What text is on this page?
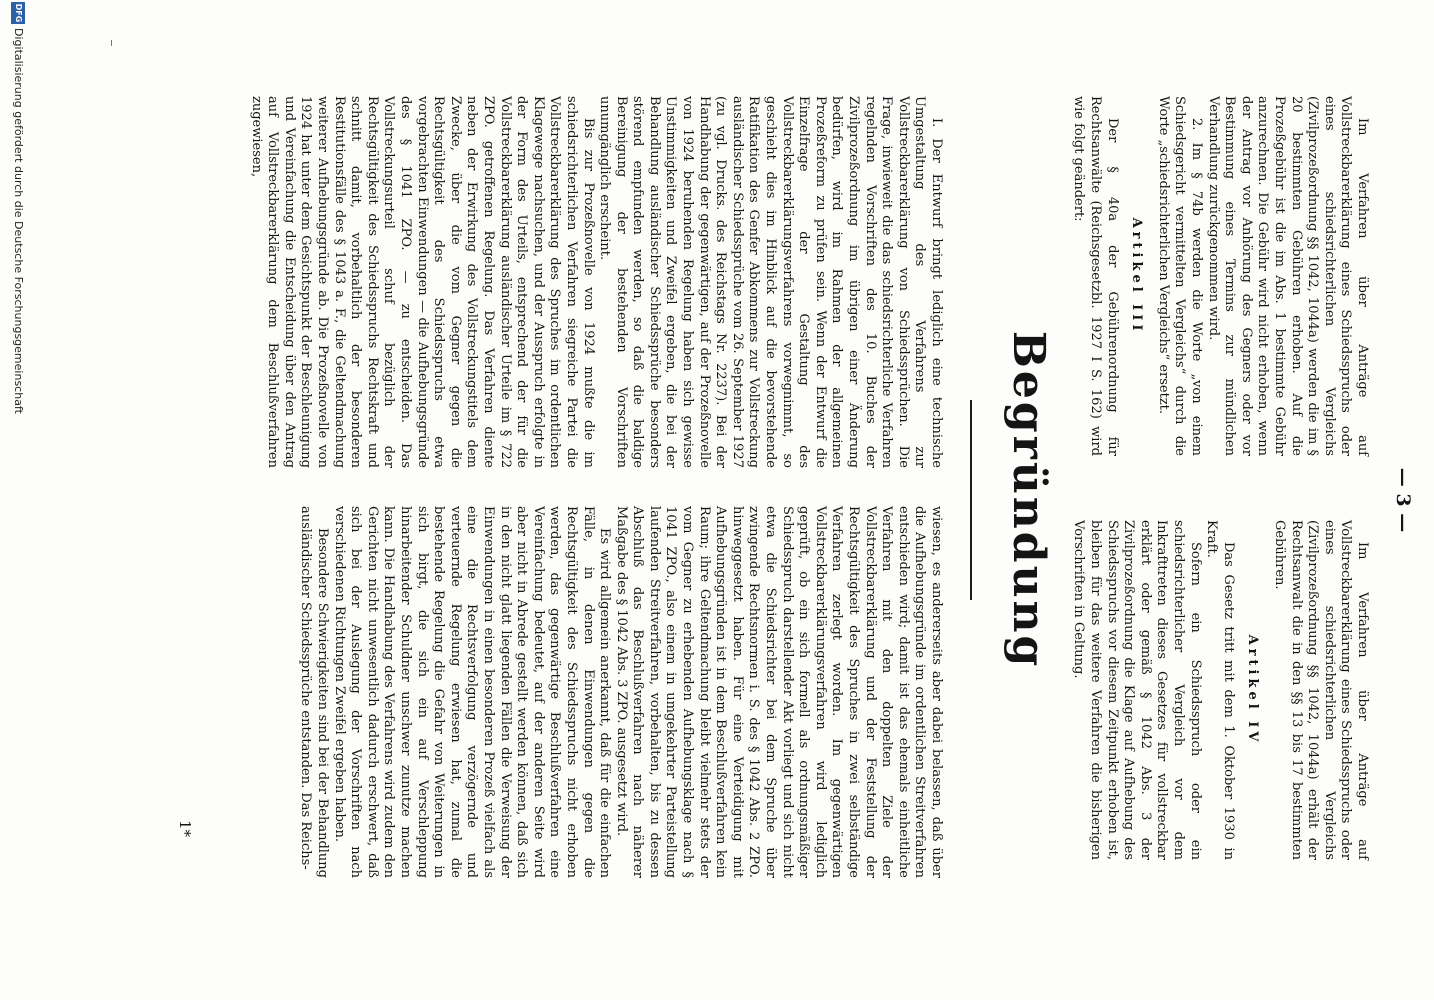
— 3 —

Im Verfahren über Anträge auf Vollstreckbarerklärung eines Schiedsspruchs oder eines schiedsrichterlichen Vergleichs (Zivilprozeßordnung §§ 1042, 1044a) werden die im § 20 bestimmten Gebühren erhoben. Auf die Prozeßgebühr ist die im Abs. 1 bestimmte Gebühr anzurechnen. Die Gebühr wird nicht erhoben, wenn der Antrag vor Anhörung des Gegners oder vor Bestimmung eines Termins zur mündlichen Verhandlung zurückgenommen wird.

2. Im § 74b werden die Worte „von einem Schiedsgericht vermittelten Vergleichs“ durch die Worte „schiedsrichterlichen Vergleichs“ ersetzt.

Artikel III

Der § 40a der Gebührenordnung für Rechtsanwälte (Reichsgesetzbl. 1927 I S. 162) wird wie folgt geändert:

Im Verfahren über Anträge auf Vollstreckbarerklärung eines Schiedsspruchs oder eines schiedsrichterlichen Vergleichs (Zivilprozeßordnung §§ 1042, 1044a) erhält der Rechtsanwalt die in den §§ 13 bis 17 bestimmten Gebühren.

Artikel IV

Das Gesetz tritt mit dem 1. Oktober 1930 in Kraft.

Sofern ein Schiedsspruch oder ein schiedsrichterlicher Vergleich vor dem Inkrafttreten dieses Gesetzes für vollstreckbar erklärt oder gemäß § 1042 Abs. 3 der Zivilprozeßordnung die Klage auf Aufhebung des Schiedsspruchs vor diesem Zeitpunkt erhoben ist, bleiben für das weitere Verfahren die bisherigen Vorschriften in Geltung.

Begründung

I. Der Entwurf bringt lediglich eine technische Umgestaltung des Verfahrens zur Vollstreckbarerklärung von Schiedssprüchen. Die Frage, inwieweit die das schiedsrichterliche Verfahren regelnden Vorschriften des 10. Buches der Zivilprozeßordnung im übrigen einer Änderung bedürfen, wird im Rahmen der allgemeinen Prozeßreform zu prüfen sein. Wenn der Entwurf die Einzelfrage der Gestaltung des Vollstreckbarerklärungsverfahrens vorwegnimmt, so geschieht dies im Hinblick auf die bevorstehende Ratifikation des Genfer Abkommens zur Vollstreckung ausländischer Schiedssprüche vom 26. September 1927 (zu vgl. Drucks. des Reichstags Nr. 2237). Bei der Handhabung der gegenwärtigen, auf der Prozeßnovelle von 1924 beruhenden Regelung haben sich gewisse Unstimmigkeiten und Zweifel ergeben, die bei der Behandlung ausländischer Schiedssprüche besonders störend empfunden werden, so daß die baldige Bereinigung der bestehenden Vorschriften unumgänglich erscheint.

Bis zur Prozeßnovelle von 1924 mußte die im schiedsrichterlichen Verfahren siegreiche Partei die Vollstreckbarerklärung des Spruches im ordentlichen Klagewege nachsuchen, und der Ausspruch erfolgte in der Form des Urteils, entsprechend der für die Vollstreckbarerklärung ausländischer Urteile im § 722 ZPO. getroffenen Regelung. Das Verfahren diente neben der Erwirkung des Vollstreckungstitels dem Zwecke, über die vom Gegner gegen die Rechtsgültigkeit des Schiedsspruchs etwa vorgebrachten Einwendungen — die Aufhebungsgründe des § 1041 ZPO. — zu entscheiden. Das Vollstreckungsurteil schuf bezüglich der Rechtsgültigkeit des Schiedsspruchs Rechtskraft und schnitt damit, vorbehaltlich der besonderen Restitutionsfälle des § 1043 a. F., die Geltendmachung weiterer Aufhebungsgründe ab. Die Prozeßnovelle von 1924 hat unter dem Gesichtspunkt der Beschleunigung und Vereinfachung die Entscheidung über den Antrag auf Vollstreckbarerklärung dem Beschlußverfahren zugewiesen,

wiesen, es andererseits aber dabei belassen, daß über die Aufhebungsgründe im ordentlichen Streitverfahren entschieden wird; damit ist das ehemals einheitliche Verfahren mit den doppelten Ziele der Vollstreckbarerklärung und der Feststellung der Rechtsgültigkeit des Spruches in zwei selbständige Verfahren zerlegt worden. Im gegenwärtigen Vollstreckbarerklärungsverfahren wird lediglich geprüft, ob ein sich formell als ordnungsmäßiger Schiedsspruch darstellender Akt vorliegt und sich nicht etwa die Schiedsrichter bei dem Spruche über zwingende Rechtsnormen i. S. des § 1042 Abs. 2 ZPO. hinweggesetzt haben. Für eine Verteidigung mit Aufhebungsgründen ist in dem Beschlußverfahren kein Raum; ihre Geltendmachung bleibt vielmehr stets der vom Gegner zu erhebenden Aufhebungsklage nach § 1041 ZPO., also einem in umgekehrter Parteistellung laufenden Streitverfahren, vorbehalten, bis zu dessen Abschluß das Beschlußverfahren nach näherer Maßgabe des § 1042 Abs. 3 ZPO. ausgesetzt wird.

Es wird allgemein anerkannt, daß für die einfachen Fälle, in denen Einwendungen gegen die Rechtsgültigkeit des Schiedsspruchs nicht erhoben werden, das gegenwärtige Beschlußverfahren eine Vereinfachung bedeutet, auf der anderen Seite wird aber nicht in Abrede gestellt werden können, daß sich in den nicht glatt liegenden Fällen die Verweisung der Einwendungen in einen besonderen Prozeß vielfach als eine die Rechtsverfolgung verzögernde und verteuernde Regelung erwiesen hat, zumal die bestehende Regelung die Gefahr von Weiterungen in sich birgt, die sich ein auf Verschleppung hinarbeitender Schuldner unschwer zunutze machen kann. Die Handhabung des Verfahrens wird zudem den Gerichten nicht unwesentlich dadurch erschwert, daß sich bei der Auslegung der Vorschriften nach verschiedenen Richtungen Zweifel ergeben haben.

Besondere Schwierigkeiten sind bei der Behandlung ausländischer Schiedssprüche entstanden. Das Reichs-

1*
DFG
Digitalisierung gefördert durch die Deutsche Forschungsgemeinschaft
